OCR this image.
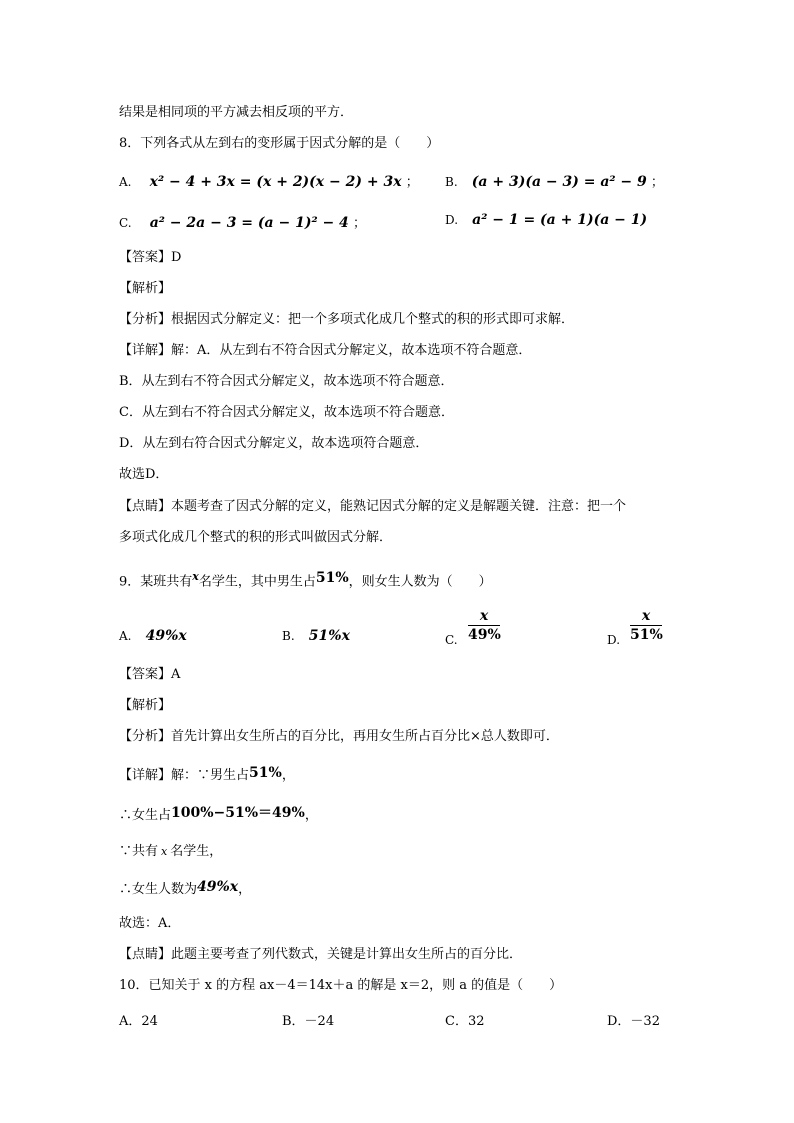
结果是相同项的平方减去相反项的平方．
8．下列各式从左到右的变形属于因式分解的是（　　）
A. x² − 4 + 3x = (x + 2)(x − 2) + 3x ； B. (a + 3)(a − 3) = a² − 9 ；
C. a² − 2a − 3 = (a − 1)² − 4 ；	D. a² − 1 = (a + 1)(a − 1)
【答案】D
【解析】
【分析】根据因式分解定义：把一个多项式化成几个整式的积的形式即可求解．
【详解】解：A．从左到右不符合因式分解定义，故本选项不符合题意．
B．从左到右不符合因式分解定义，故本选项不符合题意．
C．从左到右不符合因式分解定义，故本选项不符合题意．
D．从左到右符合因式分解定义，故本选项符合题意．
故选D．
【点睛】本题考查了因式分解的定义，能熟记因式分解的定义是解题关键．注意：把一个
多项式化成几个整式的积的形式叫做因式分解．
9．某班共有$^x$名学生，其中男生占51%，则女生人数为（　　）
A. 49%x	B. 51%x	C.
x
49%	D.
x
51%
【答案】A
【解析】
【分析】首先计算出女生所占的百分比，再用女生所占百分比×总人数即可．
【详解】解：∵男生占51%，
∴女生占100%−51%＝49%，
∵共有 x 名学生，
∴女生人数为49%x，
故选：A．
【点睛】此题主要考查了列代数式，关键是计算出女生所占的百分比．
10．已知关于 x 的方程 ax－4＝14x＋a 的解是 x＝2，则 a 的值是（　　）
A．24	B．－24	C．32	D．－32
